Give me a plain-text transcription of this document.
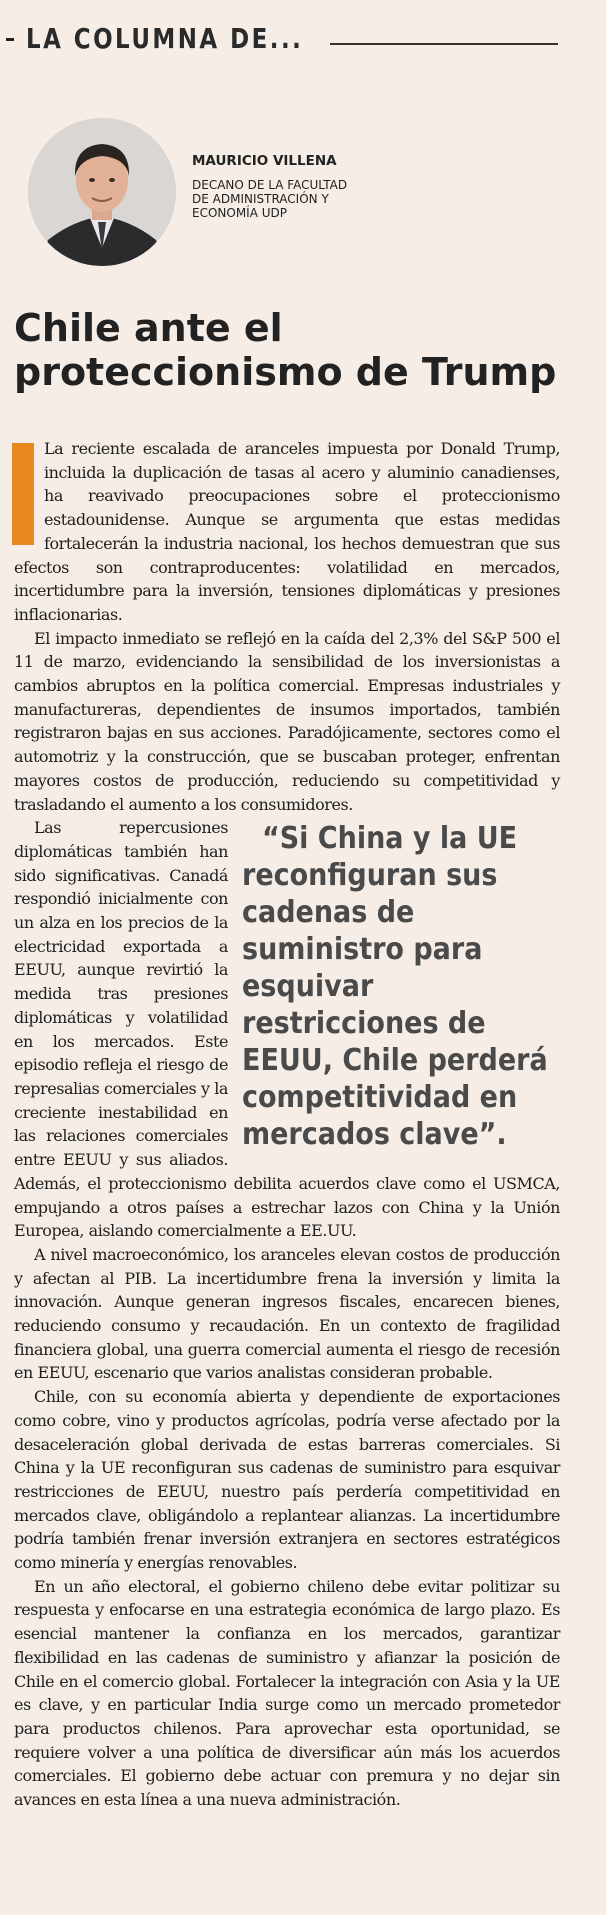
LA COLUMNA DE...
MAURICIO VILLENA
DECANO DE LA FACULTAD DE ADMINISTRACIÓN Y ECONOMÍA UDP
Chile ante el proteccionismo de Trump

La reciente escalada de aranceles impuesta por Donald Trump, incluida la duplicación de tasas al acero y aluminio canadienses, ha reavivado preocupaciones sobre el proteccionismo estadounidense. Aunque se argumenta que estas medidas fortalecerán la industria nacional, los hechos demuestran que sus efectos son contraproducentes: volatilidad en mercados, incertidumbre para la inversión, tensiones diplomáticas y presiones inflacionarias.

El impacto inmediato se reflejó en la caída del 2,3% del S&P 500 el 11 de marzo, evidenciando la sensibilidad de los inversionistas a cambios abruptos en la política comercial. Empresas industriales y manufactureras, dependientes de insumos importados, también registraron bajas en sus acciones. Paradójicamente, sectores como el automotriz y la construcción, que se buscaban proteger, enfrentan mayores costos de producción, reduciendo su competitividad y trasladando el aumento a los consumidores.

“Si China y la UE reconfiguran sus cadenas de suministro para esquivar restricciones de EEUU, Chile perderá competitividad en mercados clave”.
Las repercusiones diplomáticas también han sido significativas. Canadá respondió inicialmente con un alza en los precios de la electricidad exportada a EEUU, aunque revirtió la medida tras presiones diplomáticas y volatilidad en los mercados. Este episodio refleja el riesgo de represalias comerciales y la creciente inestabilidad en las relaciones comerciales entre EEUU y sus aliados. Además, el proteccionismo debilita acuerdos clave como el USMCA, empujando a otros países a estrechar lazos con China y la Unión Europea, aislando comercialmente a EE.UU.

A nivel macroeconómico, los aranceles elevan costos de producción y afectan al PIB. La incertidumbre frena la inversión y limita la innovación. Aunque generan ingresos fiscales, encarecen bienes, reduciendo consumo y recaudación. En un contexto de fragilidad financiera global, una guerra comercial aumenta el riesgo de recesión en EEUU, escenario que varios analistas consideran probable.

Chile, con su economía abierta y dependiente de exportaciones como cobre, vino y productos agrícolas, podría verse afectado por la desaceleración global derivada de estas barreras comerciales. Si China y la UE reconfiguran sus cadenas de suministro para esquivar restricciones de EEUU, nuestro país perdería competitividad en mercados clave, obligándolo a replantear alianzas. La incertidumbre podría también frenar inversión extranjera en sectores estratégicos como minería y energías renovables.

En un año electoral, el gobierno chileno debe evitar politizar su respuesta y enfocarse en una estrategia económica de largo plazo. Es esencial mantener la confianza en los mercados, garantizar flexibilidad en las cadenas de suministro y afianzar la posición de Chile en el comercio global. Fortalecer la integración con Asia y la UE es clave, y en particular India surge como un mercado prometedor para productos chilenos. Para aprovechar esta oportunidad, se requiere volver a una política de diversificar aún más los acuerdos comerciales. El gobierno debe actuar con premura y no dejar sin avances en esta línea a una nueva administración.
